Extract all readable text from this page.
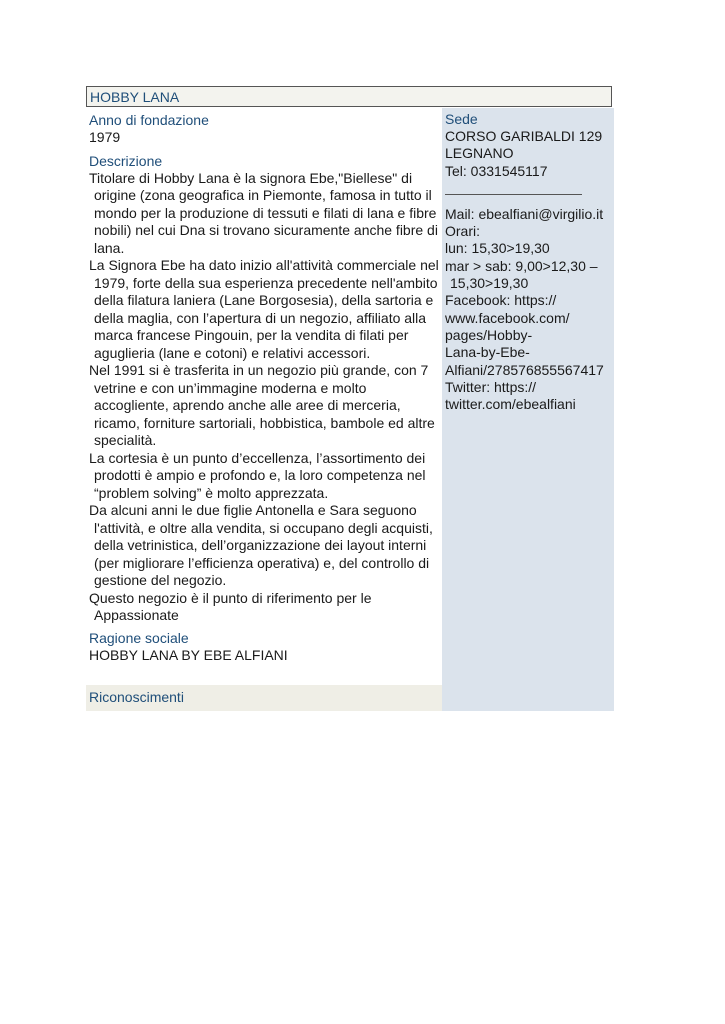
HOBBY LANA
Anno di fondazione
1979
Descrizione

Titolare di Hobby Lana è la signora Ebe,"Biellese" di origine (zona geografica in Piemonte, famosa in tutto il mondo per la produzione di tessuti e filati di lana e fibre nobili) nel cui Dna si trovano sicuramente anche fibre di lana.

La Signora Ebe ha dato inizio all'attività commerciale nel 1979, forte della sua esperienza precedente nell'ambito della filatura laniera (Lane Borgosesia), della sartoria e della maglia, con l’apertura di un negozio, affiliato alla marca francese Pingouin, per la vendita di filati per aguglieria (lane e cotoni) e relativi accessori.

Nel 1991 si è trasferita in un negozio più grande, con 7 vetrine e con un’immagine moderna e molto accogliente, aprendo anche alle aree di merceria, ricamo, forniture sartoriali, hobbistica, bambole ed altre specialità.

La cortesia è un punto d’eccellenza, l’assortimento dei prodotti è ampio e profondo e, la loro competenza nel “problem solving” è molto apprezzata.

Da alcuni anni le due figlie Antonella e Sara seguono l'attività, e oltre alla vendita, si occupano degli acquisti, della vetrinistica, dell’organizzazione dei layout interni (per migliorare l’efficienza operativa) e, del controllo di gestione del negozio.

Questo negozio è il punto di riferimento per le Appassionate

Ragione sociale
HOBBY LANA BY EBE ALFIANI
Riconoscimenti
Sede
CORSO GARIBALDI 129
LEGNANO
Tel: 0331545117
Mail: ebealfiani@virgilio.it
Orari:
lun: 15,30>19,30
mar > sab: 9,00>12,30 –
15,30>19,30
Facebook: https://
www.facebook.com/
pages/Hobby-
Lana-by-Ebe-
Alfiani/278576855567417
Twitter: https://
twitter.com/ebealfiani
